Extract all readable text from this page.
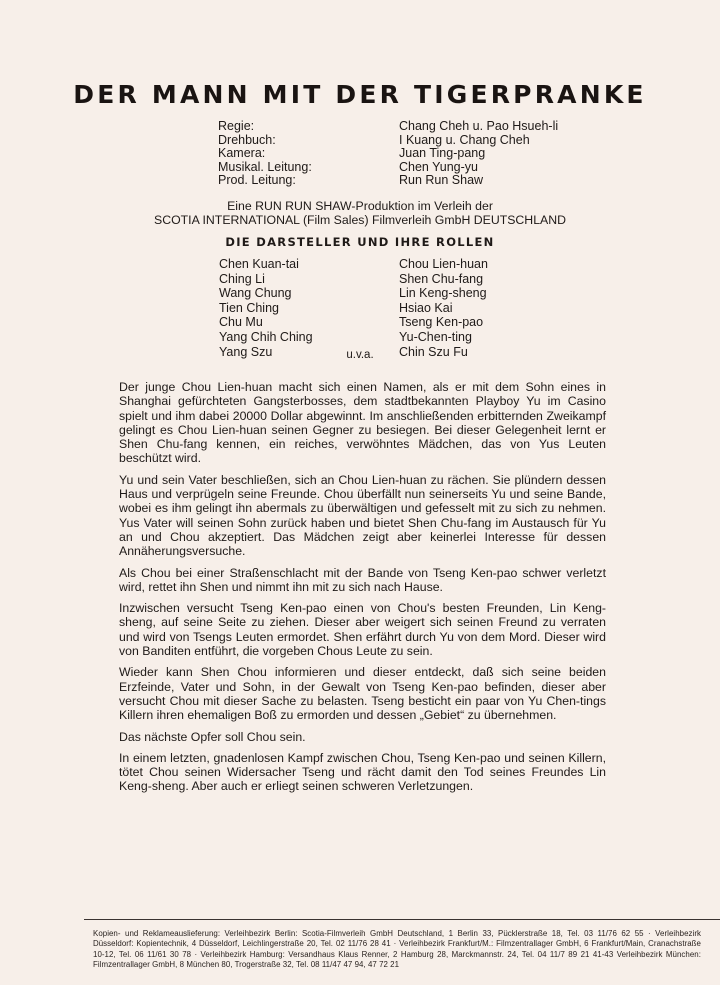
DER MANN MIT DER TIGERPRANKE
Regie:
Drehbuch:
Kamera:
Musikal. Leitung:
Prod. Leitung:
Chang Cheh u. Pao Hsueh-li
I Kuang u. Chang Cheh
Juan Ting-pang
Chen Yung-yu
Run Run Shaw
Eine RUN RUN SHAW-Produktion im Verleih der
SCOTIA INTERNATIONAL (Film Sales) Filmverleih GmbH DEUTSCHLAND
DIE DARSTELLER UND IHRE ROLLEN
Chen Kuan-tai
Ching Li
Wang Chung
Tien Ching
Chu Mu
Yang Chih Ching
Yang Szu
Chou Lien-huan
Shen Chu-fang
Lin Keng-sheng
Hsiao Kai
Tseng Ken-pao
Yu-Chen-ting
Chin Szu Fu
u.v.a.

Der junge Chou Lien-huan macht sich einen Namen, als er mit dem Sohn eines in Shanghai gefürchteten Gangsterbosses, dem stadtbekannten Playboy Yu im Casino spielt und ihm dabei 20000 Dollar abgewinnt. Im anschließenden erbitternden Zweikampf gelingt es Chou Lien-huan seinen Gegner zu besiegen. Bei dieser Gelegenheit lernt er Shen Chu-fang kennen, ein reiches, verwöhntes Mädchen, das von Yus Leuten beschützt wird.

Yu und sein Vater beschließen, sich an Chou Lien-huan zu rächen. Sie plündern dessen Haus und verprügeln seine Freunde. Chou überfällt nun seinerseits Yu und seine Bande, wobei es ihm gelingt ihn abermals zu überwältigen und gefesselt mit zu sich zu nehmen. Yus Vater will seinen Sohn zurück haben und bietet Shen Chu-fang im Austausch für Yu an und Chou akzeptiert. Das Mädchen zeigt aber keinerlei Interesse für dessen Annäherungsversuche.

Als Chou bei einer Straßenschlacht mit der Bande von Tseng Ken-pao schwer verletzt wird, rettet ihn Shen und nimmt ihn mit zu sich nach Hause.

Inzwischen versucht Tseng Ken-pao einen von Chou's besten Freunden, Lin Keng-sheng, auf seine Seite zu ziehen. Dieser aber weigert sich seinen Freund zu verraten und wird von Tsengs Leuten ermordet. Shen erfährt durch Yu von dem Mord. Dieser wird von Banditen entführt, die vorgeben Chous Leute zu sein.

Wieder kann Shen Chou informieren und dieser entdeckt, daß sich seine beiden Erzfeinde, Vater und Sohn, in der Gewalt von Tseng Ken-pao befinden, dieser aber versucht Chou mit dieser Sache zu belasten. Tseng besticht ein paar von Yu Chen-tings Killern ihren ehemaligen Boß zu ermorden und dessen „Gebiet“ zu übernehmen.

Das nächste Opfer soll Chou sein.

In einem letzten, gnadenlosen Kampf zwischen Chou, Tseng Ken-pao und seinen Killern, tötet Chou seinen Widersacher Tseng und rächt damit den Tod seines Freundes Lin Keng-sheng. Aber auch er erliegt seinen schweren Verletzungen.

Kopien- und Reklameauslieferung: Verleihbezirk Berlin: Scotia-Filmverleih GmbH Deutschland, 1 Berlin 33, Pücklerstraße 18, Tel. 03 11/76 62 55 · Verleihbezirk Düsseldorf: Kopientechnik, 4 Düsseldorf, Leichlingerstraße 20, Tel. 02 11/76 28 41 · Verleihbezirk Frankfurt/M.: Filmzentrallager GmbH, 6 Frankfurt/Main, Cranachstraße 10-12, Tel. 06 11/61 30 78 · Verleihbezirk Hamburg: Versandhaus Klaus Renner, 2 Hamburg 28, Marckmannstr. 24, Tel. 04 11/7 89 21 41-43 Verleihbezirk München: Filmzentrallager GmbH, 8 München 80, Trogerstraße 32, Tel. 08 11/47 47 94, 47 72 21
